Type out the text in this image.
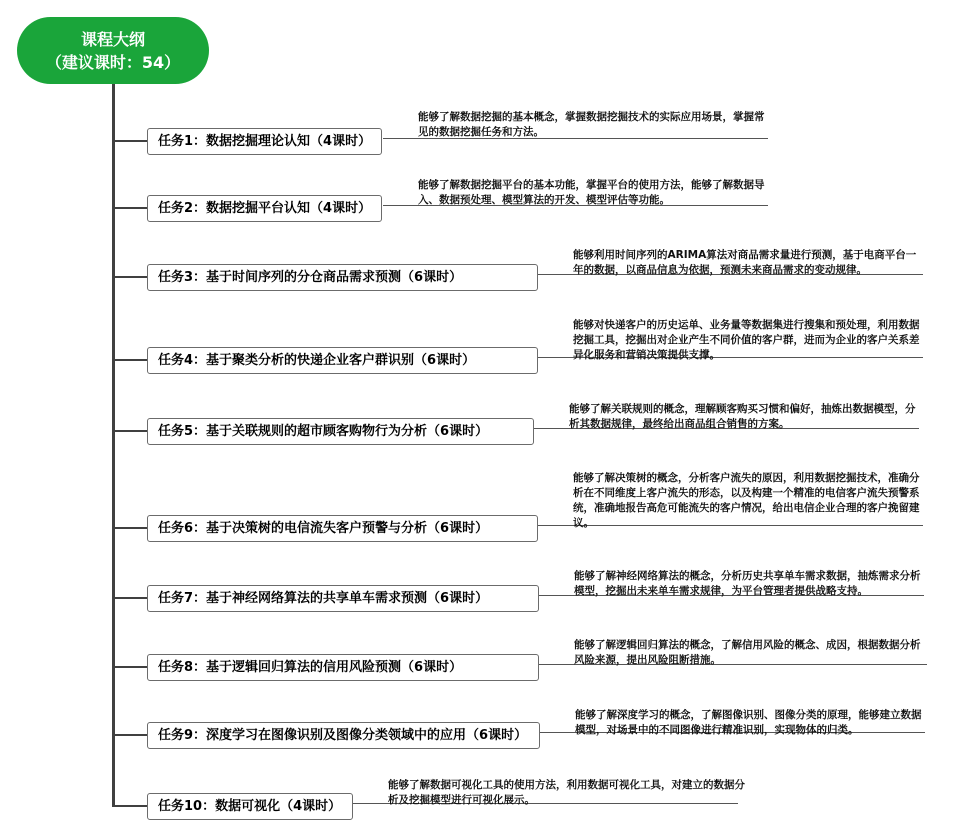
课程大纲
（建议课时：54）
任务1：数据挖掘理论认知（4课时）
能够了解数据挖掘的基本概念，掌握数据挖掘技术的实际应用场景，掌握常见的数据挖掘任务和方法。
任务2：数据挖掘平台认知（4课时）
能够了解数据挖掘平台的基本功能，掌握平台的使用方法，能够了解数据导入、数据预处理、模型算法的开发、模型评估等功能。
任务3：基于时间序列的分仓商品需求预测（6课时）
能够利用时间序列的ARIMA算法对商品需求量进行预测，基于电商平台一年的数据，以商品信息为依据，预测未来商品需求的变动规律。
任务4：基于聚类分析的快递企业客户群识别（6课时）
能够对快递客户的历史运单、业务量等数据集进行搜集和预处理，利用数据挖掘工具，挖掘出对企业产生不同价值的客户群，进而为企业的客户关系差异化服务和营销决策提供支撑。
任务5：基于关联规则的超市顾客购物行为分析（6课时）
能够了解关联规则的概念，理解顾客购买习惯和偏好，抽炼出数据模型，分析其数据规律，最终给出商品组合销售的方案。
任务6：基于决策树的电信流失客户预警与分析（6课时）
能够了解决策树的概念，分析客户流失的原因，利用数据挖掘技术，准确分析在不同维度上客户流失的形态，以及构建一个精准的电信客户流失预警系统，准确地报告高危可能流失的客户情况，给出电信企业合理的客户挽留建议。
任务7：基于神经网络算法的共享单车需求预测（6课时）
能够了解神经网络算法的概念，分析历史共享单车需求数据，抽炼需求分析模型，挖掘出未来单车需求规律，为平台管理者提供战略支持。
任务8：基于逻辑回归算法的信用风险预测（6课时）
能够了解逻辑回归算法的概念，了解信用风险的概念、成因，根据数据分析风险来源，提出风险阻断措施。
任务9：深度学习在图像识别及图像分类领域中的应用（6课时）
能够了解深度学习的概念，了解图像识别、图像分类的原理，能够建立数据模型，对场景中的不同图像进行精准识别，实现物体的归类。
任务10：数据可视化（4课时）
能够了解数据可视化工具的使用方法，利用数据可视化工具，对建立的数据分析及挖掘模型进行可视化展示。
